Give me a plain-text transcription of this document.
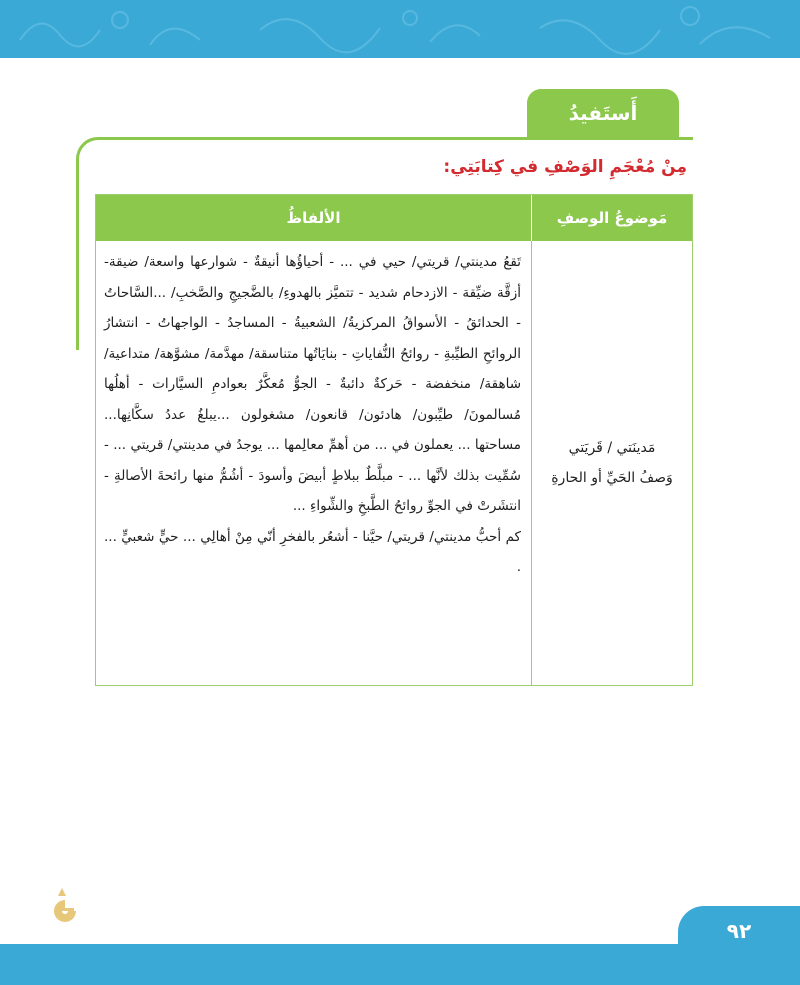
أَستَفيدُ
مِنْ مُعْجَمِ الوَصْفِ في كِتابَتِي:
مَوضوعُ الوصفِ
الألفاظُ
مَدينَتي / قَريَتي
وَصفُ الحَيِّ أو الحارةِ

تَقعُ مدينتي/ قريتي/ حيي في ... - أحياؤُها أنيقةٌ - شوارعها واسعة/ ضيقة- أزقَّة ضيِّقة - الازدحام شديد - تتميَّز بالهدوءِ/ بالضَّجيجِ والصَّخبِ/ ...السَّاحاتُ - الحدائقُ - الأسواقُ المركزيةُ/ الشعبيةُ - المساجدُ - الواجهاتُ - انتشارُ الروائحِ الطيِّبةِ - روائحُ النُّفاياتِ - بنايَاتُها متناسقة/ مهدَّمة/ مشوَّهة/ متداعية/ شاهقة/ منخفضة - حَركةٌ دائبةٌ - الجوُّ مُعكَّرٌ بعوادمِ السيَّارات - أهلُها مُسالمونَ/ طيِّبون/ هادئون/ قانعون/ مشغولون ...يبلغُ عددُ سكَّانِها... مساحتها ... يعملون في ... من أهمِّ معالِمها ... يوجدُ في مدينتي/ قريتي ... - سُمِّيت بذلك لأنَّها ... - مبلَّطٌ ببلاطٍ أبيضَ وأسودَ - أشُمُّ منها رائحةَ الأصالةِ - انتشَرتْ في الجوِّ روائحُ الطَّبخِ والشِّواءِ ...

كم أحبُّ مدينتي/ قريتي/ حيَّنا - أشعُر بالفخرِ أنّي مِنْ أهالِي ... حيٍّ شعبيٍّ ... .

٩٢
